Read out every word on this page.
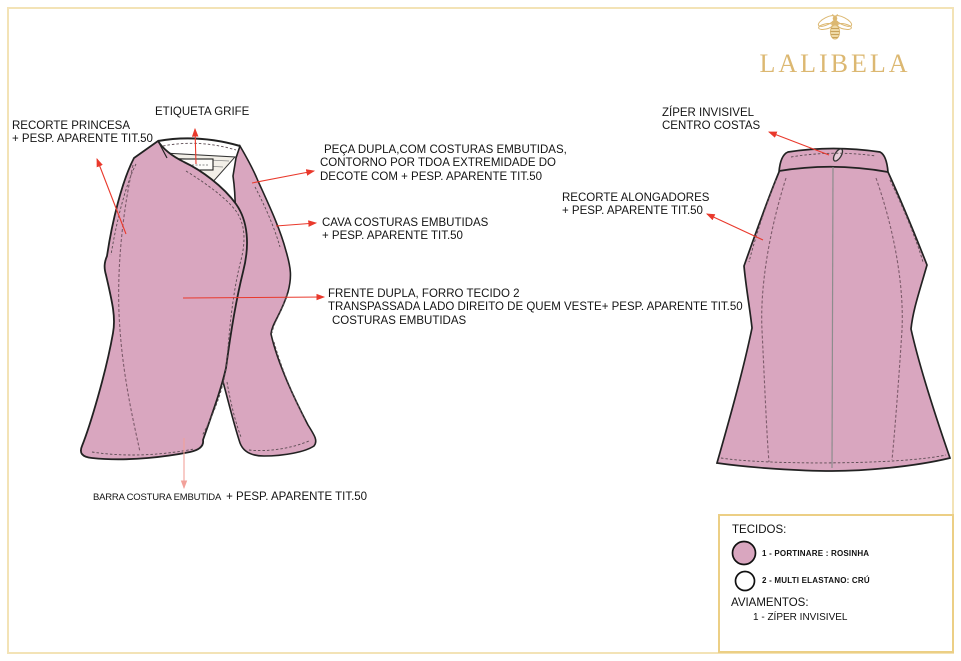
ETIQUETA GRIFE
RECORTE PRINCESA
+ PESP. APARENTE TIT.50
PEÇA DUPLA,COM COSTURAS EMBUTIDAS,
CONTORNO POR TDOA EXTREMIDADE DO
DECOTE COM + PESP. APARENTE TIT.50
CAVA COSTURAS EMBUTIDAS
+ PESP. APARENTE TIT.50
FRENTE DUPLA, FORRO TECIDO 2
TRANSPASSADA LADO DIREITO DE QUEM VESTE+ PESP. APARENTE TIT.50
COSTURAS EMBUTIDAS
BARRA COSTURA EMBUTIDA + PESP. APARENTE TIT.50
ZÍPER INVISIVEL
CENTRO COSTAS
RECORTE ALONGADORES
+ PESP. APARENTE TIT.50
LALIBELA
TECIDOS:
1 - PORTINARE : ROSINHA
2 - MULTI ELASTANO: CRÚ
AVIAMENTOS:
1 - ZÍPER INVISIVEL
